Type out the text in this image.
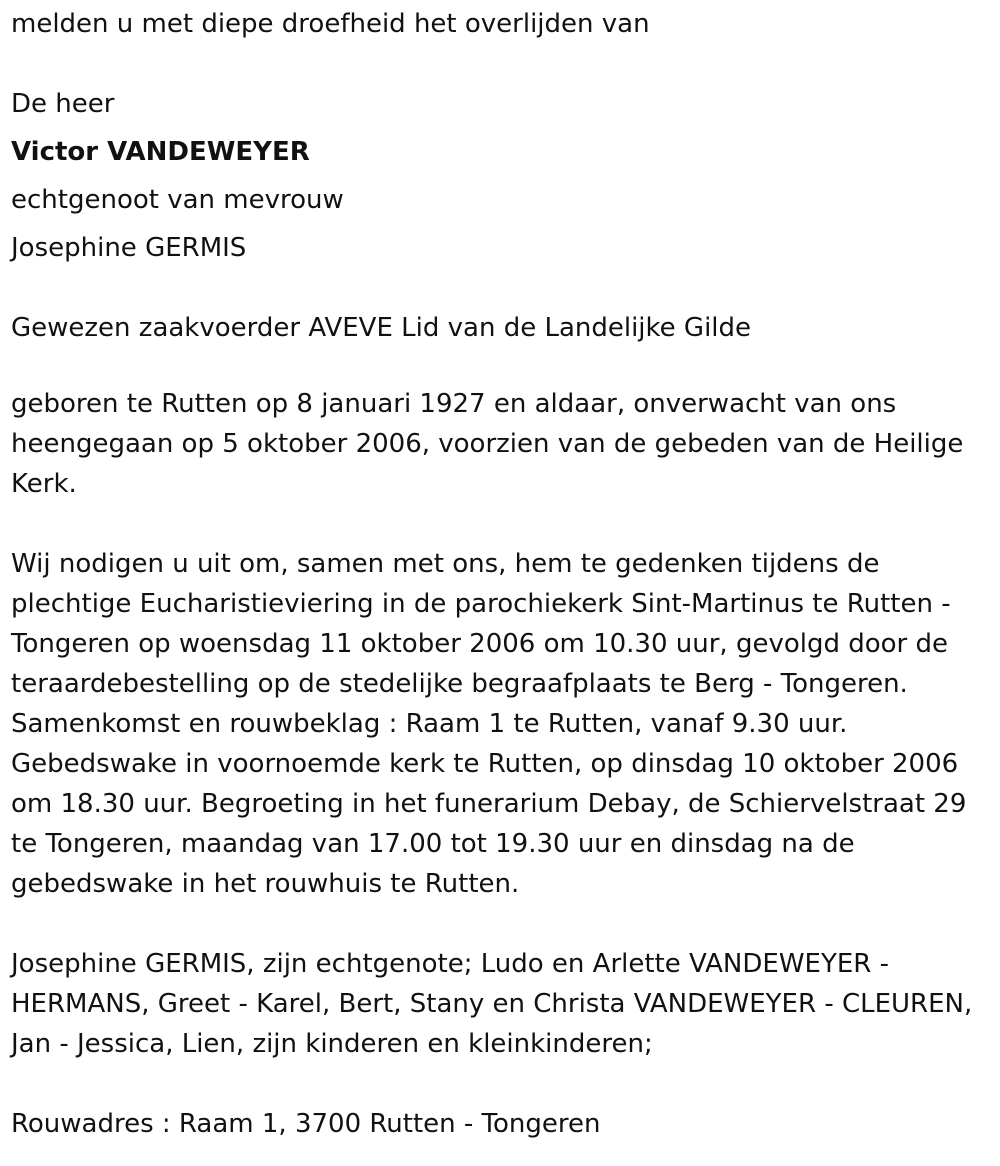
melden u met diepe droefheid het overlijden van

De heer

Victor VANDEWEYER

echtgenoot van mevrouw

Josephine GERMIS

Gewezen zaakvoerder AVEVE Lid van de Landelijke Gilde

geboren te Rutten op 8 januari 1927 en aldaar, onverwacht van ons
heengegaan op 5 oktober 2006, voorzien van de gebeden van de Heilige
Kerk.
Wij nodigen u uit om, samen met ons, hem te gedenken tijdens de
plechtige Eucharistieviering in de parochiekerk Sint-Martinus te Rutten -
Tongeren op woensdag 11 oktober 2006 om 10.30 uur, gevolgd door de
teraardebestelling op de stedelijke begraafplaats te Berg - Tongeren.
Samenkomst en rouwbeklag : Raam 1 te Rutten, vanaf 9.30 uur.
Gebedswake in voornoemde kerk te Rutten, op dinsdag 10 oktober 2006
om 18.30 uur. Begroeting in het funerarium Debay, de Schiervelstraat 29
te Tongeren, maandag van 17.00 tot 19.30 uur en dinsdag na de
gebedswake in het rouwhuis te Rutten.
Josephine GERMIS, zijn echtgenote; Ludo en Arlette VANDEWEYER -
HERMANS, Greet - Karel, Bert, Stany en Christa VANDEWEYER - CLEUREN,
Jan - Jessica, Lien, zijn kinderen en kleinkinderen;
Rouwadres : Raam 1, 3700 Rutten - Tongeren
